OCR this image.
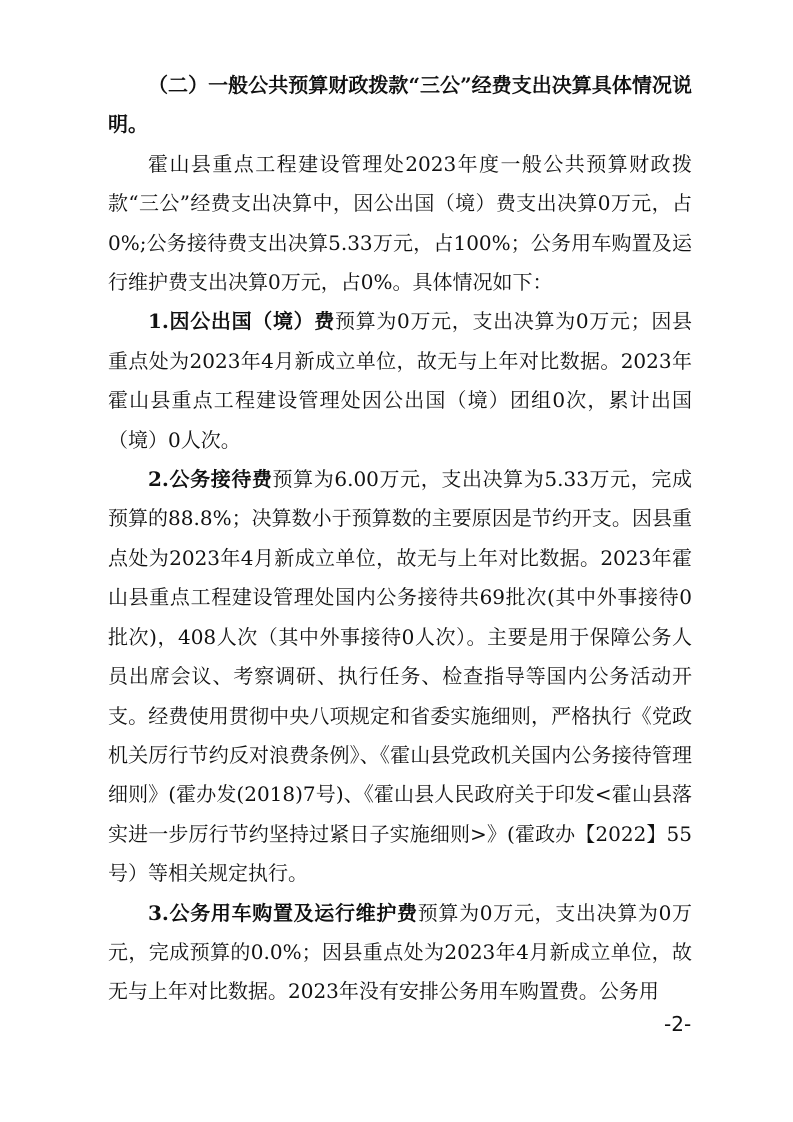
（二）一般公共预算财政拨款“三公”经费支出决算具体情况说明。

霍山县重点工程建设管理处2023年度一般公共预算财政拨款“三公”经费支出决算中，因公出国（境）费支出决算0万元，占0%;公务接待费支出决算5.33万元，占100%；公务用车购置及运行维护费支出决算0万元，占0%。具体情况如下：

1.因公出国（境）费预算为0万元，支出决算为0万元；因县重点处为2023年4月新成立单位，故无与上年对比数据。2023年霍山县重点工程建设管理处因公出国（境）团组0次，累计出国（境）0人次。

2.公务接待费预算为6.00万元，支出决算为5.33万元，完成预算的88.8%；决算数小于预算数的主要原因是节约开支。因县重点处为2023年4月新成立单位，故无与上年对比数据。2023年霍山县重点工程建设管理处国内公务接待共69批次(其中外事接待0批次)，408人次（其中外事接待0人次）。主要是用于保障公务人员出席会议、考察调研、执行任务、检查指导等国内公务活动开支。经费使用贯彻中央八项规定和省委实施细则，严格执行《党政机关厉行节约反对浪费条例》、《霍山县党政机关国内公务接待管理细则》(霍办发(2018)7号)、《霍山县人民政府关于印发<霍山县落实进一步厉行节约坚持过紧日子实施细则>》(霍政办【2022】55号）等相关规定执行。

3.公务用车购置及运行维护费预算为0万元，支出决算为0万元，完成预算的0.0%；因县重点处为2023年4月新成立单位，故无与上年对比数据。2023年没有安排公务用车购置费。公务用

-2-
